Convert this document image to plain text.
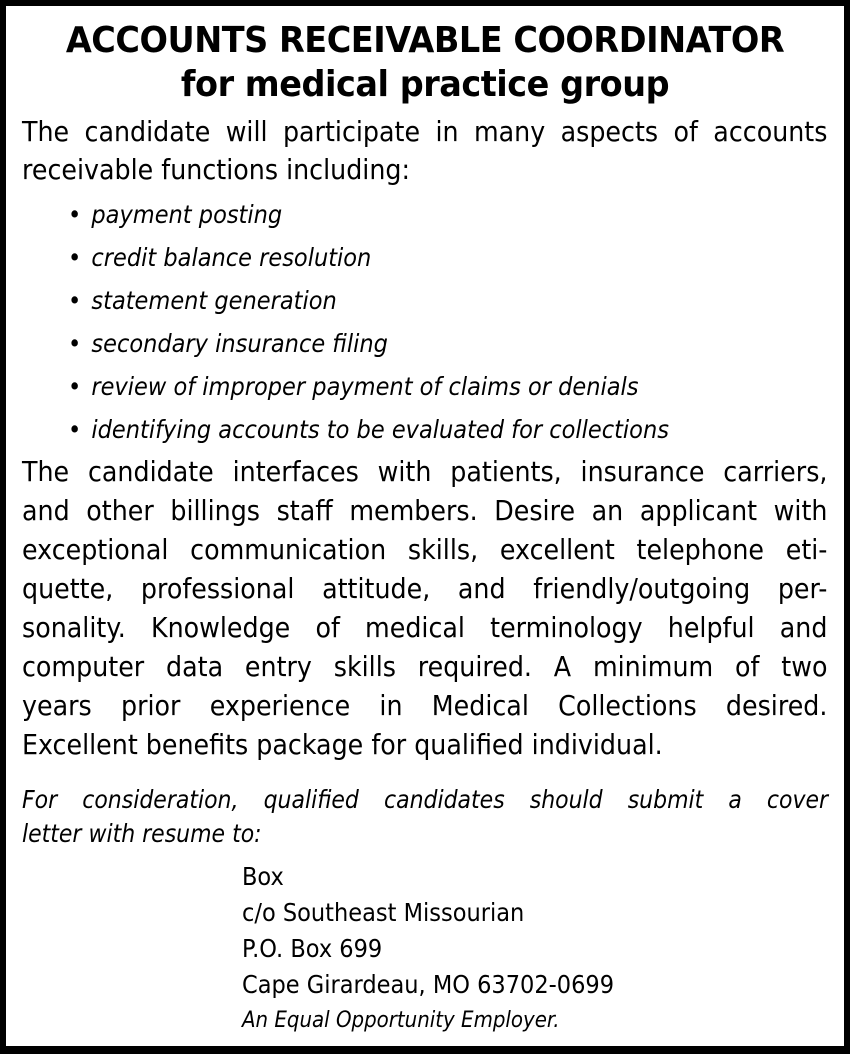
ACCOUNTS RECEIVABLE COORDINATOR
for medical practice group
The candidate will participate in many aspects of accounts
receivable functions including:
• payment posting
• credit balance resolution
• statement generation
• secondary insurance filing
• review of improper payment of claims or denials
• identifying accounts to be evaluated for collections
The candidate interfaces with patients, insurance carriers,
and other billings staff members. Desire an applicant with
exceptional communication skills, excellent telephone eti-
quette, professional attitude, and friendly/outgoing per-
sonality. Knowledge of medical terminology helpful and
computer data entry skills required. A minimum of two
years prior experience in Medical Collections desired.
Excellent benefits package for qualified individual.
For consideration, qualified candidates should submit a cover
letter with resume to:
Box
c/o Southeast Missourian
P.O. Box 699
Cape Girardeau, MO 63702-0699
An Equal Opportunity Employer.
